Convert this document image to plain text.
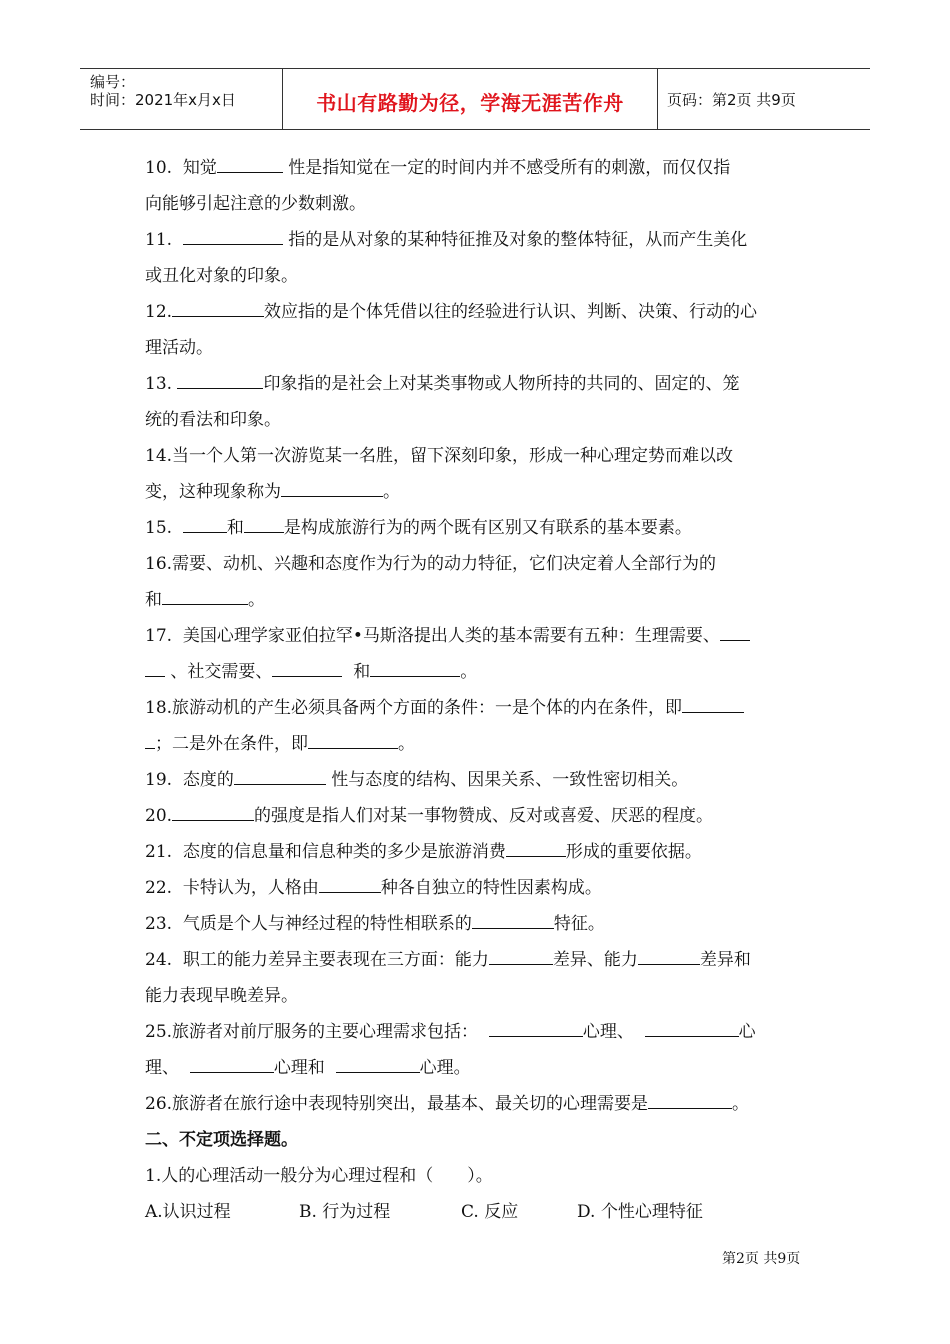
编号：
时间：2021年x月x日	书山有路勤为径，学海无涯苦作舟	页码：第2页 共9页

10. 知觉	性是指知觉在一定的时间内并不感受所有的刺激，而仅仅指
向能够引起注意的少数刺激。

11.	指的是从对象的某种特征推及对象的整体特征，从而产生美化
或丑化对象的印象。

12.	效应指的是个体凭借以往的经验进行认识、判断、决策、行动的心
理活动。

13.	印象指的是社会上对某类事物或人物所持的共同的、固定的、笼
统的看法和印象。

14.当一个人第一次游览某一名胜，留下深刻印象，形成一种心理定势而难以改
变，这种现象称为	。

15.	和 是构成旅游行为的两个既有区别又有联系的基本要素。

16.需要、动机、兴趣和态度作为行为的动力特征，它们决定着人全部行为的
和	。

17. 美国心理学家亚伯拉罕•马斯洛提出人类的基本需要有五种：生理需要、
、社交需要、	和	。

18.旅游动机的产生必须具备两个方面的条件：一是个体的内在条件，即
；二是外在条件，即	。

19. 态度的	性与态度的结构、因果关系、一致性密切相关。

20.	的强度是指人们对某一事物赞成、反对或喜爱、厌恶的程度。

21. 态度的信息量和信息种类的多少是旅游消费	形成的重要依据。

22. 卡特认为，人格由	种各自独立的特性因素构成。

23. 气质是个人与神经过程的特性相联系的	特征。

24. 职工的能力差异主要表现在三方面：能力	差异、能力	差异和
能力表现早晚差异。

25.旅游者对前厅服务的主要心理需求包括：	心理、	心
理、	心理和	心理。

26.旅游者在旅行途中表现特别突出，最基本、最关切的心理需要是	。

二、不定项选择题。

1.人的心理活动一般分为心理过程和（　　）。

A.认识过程	B. 行为过程	C. 反应	D. 个性心理特征
第2页 共9页
